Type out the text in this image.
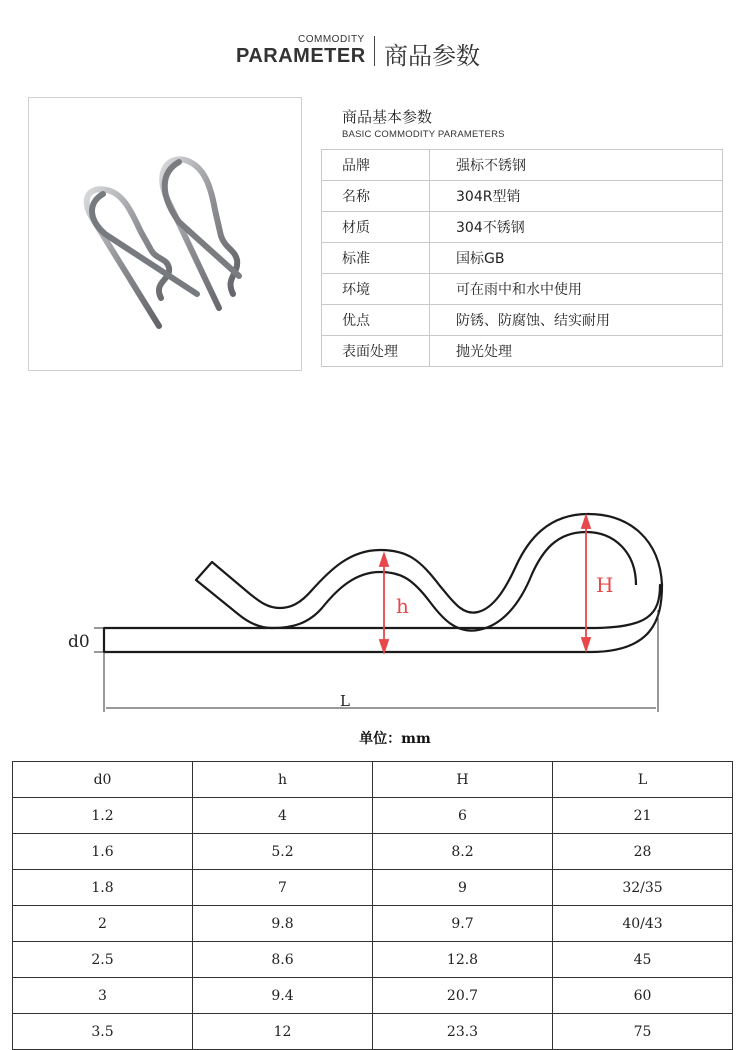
COMMODITY
PARAMETER 商品参数
商品基本参数
BASIC COMMODITY PARAMETERS
品牌	强标不锈钢
名称	304R型销
材质	304不锈钢
标准	国标GB
环境	可在雨中和水中使用
优点	防锈、防腐蚀、结实耐用
表面处理	抛光处理
d0
h
H
L
单位：mm
d0	h	H	L
1.2	4	6	21
1.6	5.2	8.2	28
1.8	7	9	32/35
2	9.8	9.7	40/43
2.5	8.6	12.8	45
3	9.4	20.7	60
3.5	12	23.3	75
